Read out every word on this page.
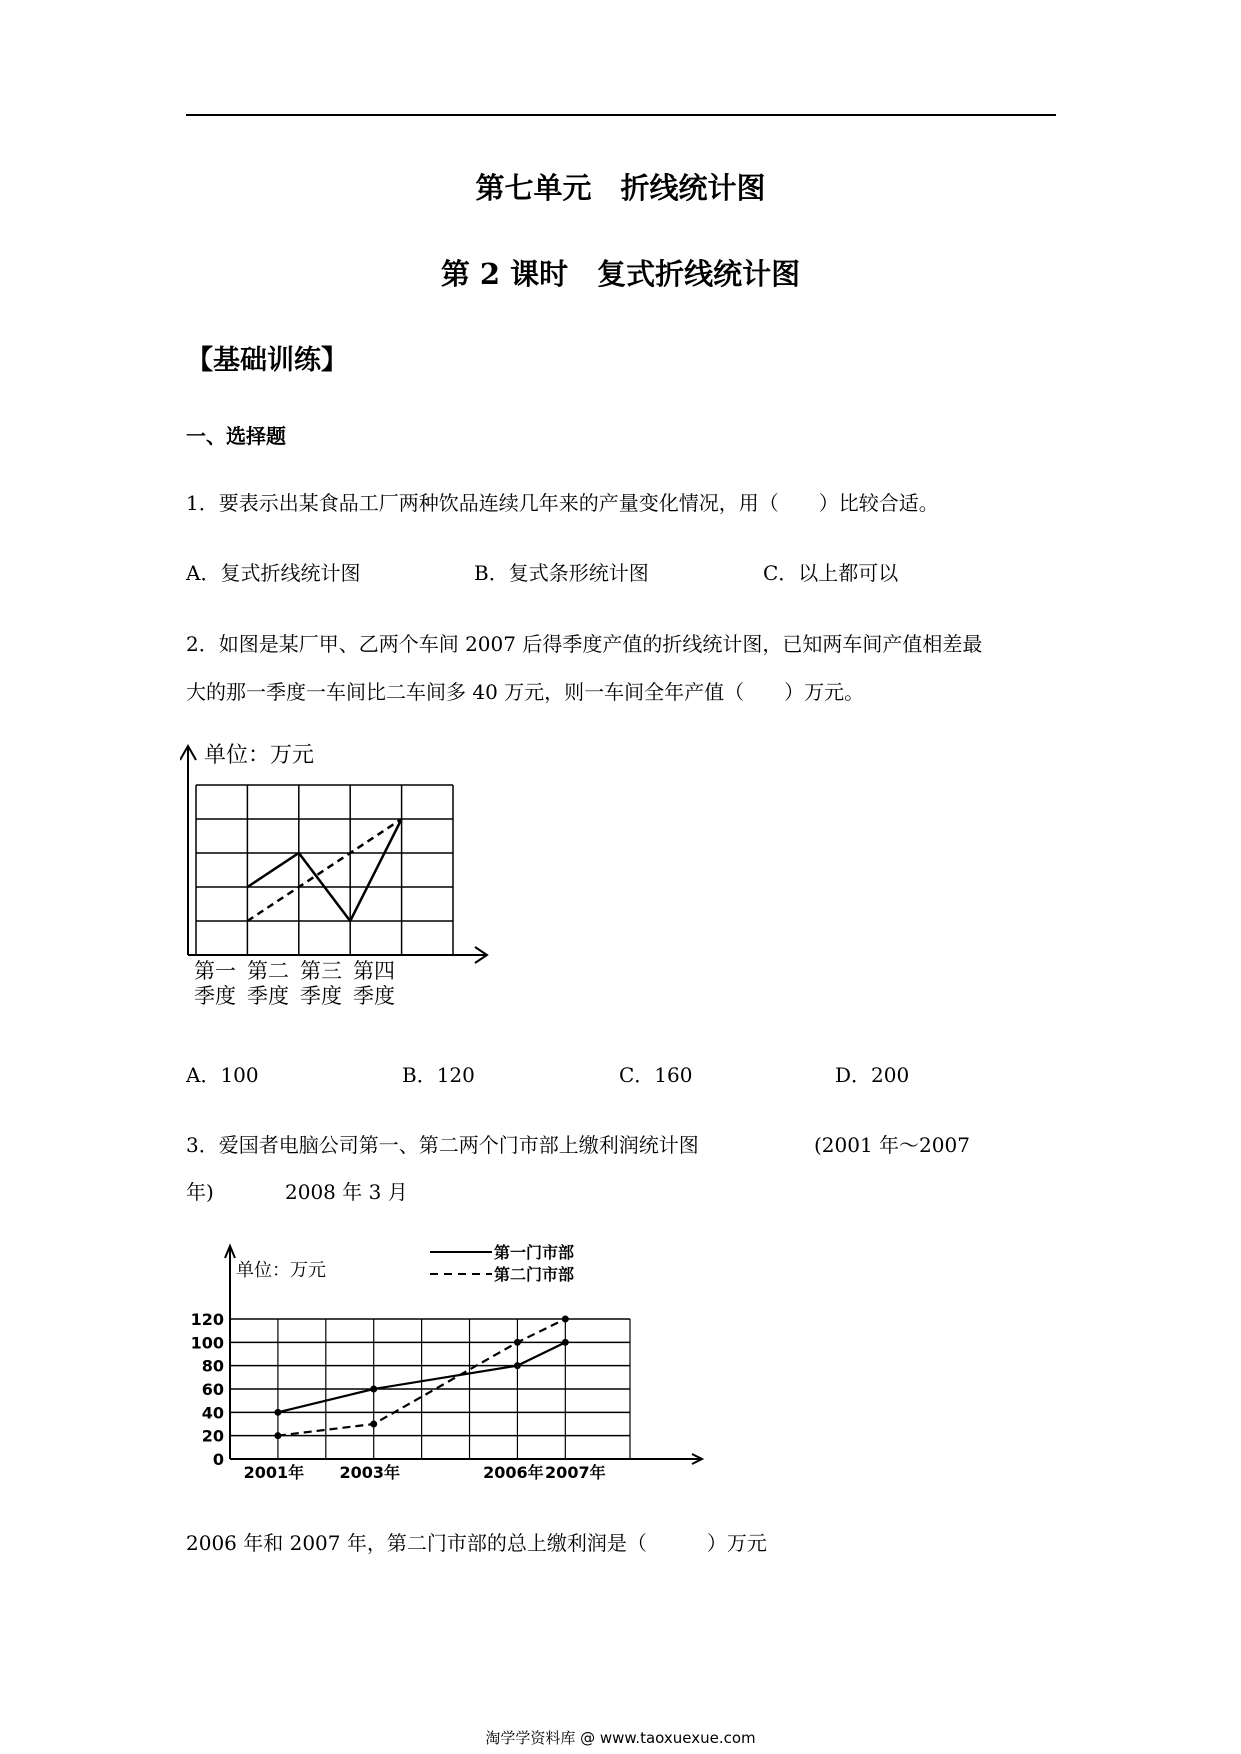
第七单元　折线统计图
第 2 课时　复式折线统计图
【基础训练】
一、选择题
1．要表示出某食品工厂两种饮品连续几年来的产量变化情况，用（　　）比较合适。
A．复式折线统计图	B．复式条形统计图	C．以上都可以
2．如图是某厂甲、乙两个车间 2007 后得季度产值的折线统计图，已知两车间产值相差最
大的那一季度一车间比二车间多 40 万元，则一车间全年产值（　　）万元。
单位：万元
第一
季度
第二
季度
第三
季度
第四
季度
A．100	B．120	C．160	D．200
3．爱国者电脑公司第一、第二两个门市部上缴利润统计图	(2001 年～2007
年)	2008 年 3 月
单位：万元
第一门市部
第二门市部
0
20
40
60
80
100
120
2001年 2003年	2006年 2007年
2006 年和 2007 年，第二门市部的总上缴利润是（　　　）万元
淘学学资料库 @ www.taoxuexue.com
